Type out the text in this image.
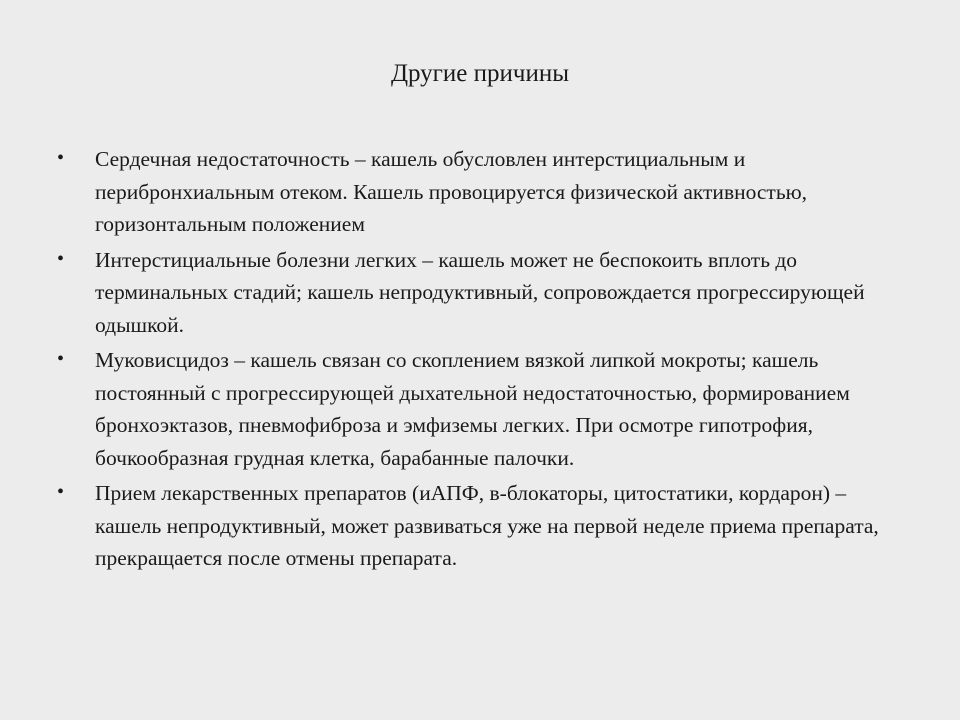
Другие причины
• Сердечная недостаточность – кашель обусловлен интерстициальным и перибронхиальным отеком. Кашель провоцируется физической активностью, горизонтальным положением
• Интерстициальные болезни легких – кашель может не беспокоить вплоть до терминальных стадий; кашель непродуктивный, сопровождается прогрессирующей одышкой.
• Муковисцидоз – кашель связан со скоплением вязкой липкой мокроты; кашель постоянный с прогрессирующей дыхательной недостаточностью, формированием бронхоэктазов, пневмофиброза и эмфиземы легких. При осмотре гипотрофия, бочкообразная грудная клетка, барабанные палочки.
• Прием лекарственных препаратов (иАПФ, в-блокаторы, цитостатики, кордарон) – кашель непродуктивный, может развиваться уже на первой неделе приема препарата, прекращается после отмены препарата.
